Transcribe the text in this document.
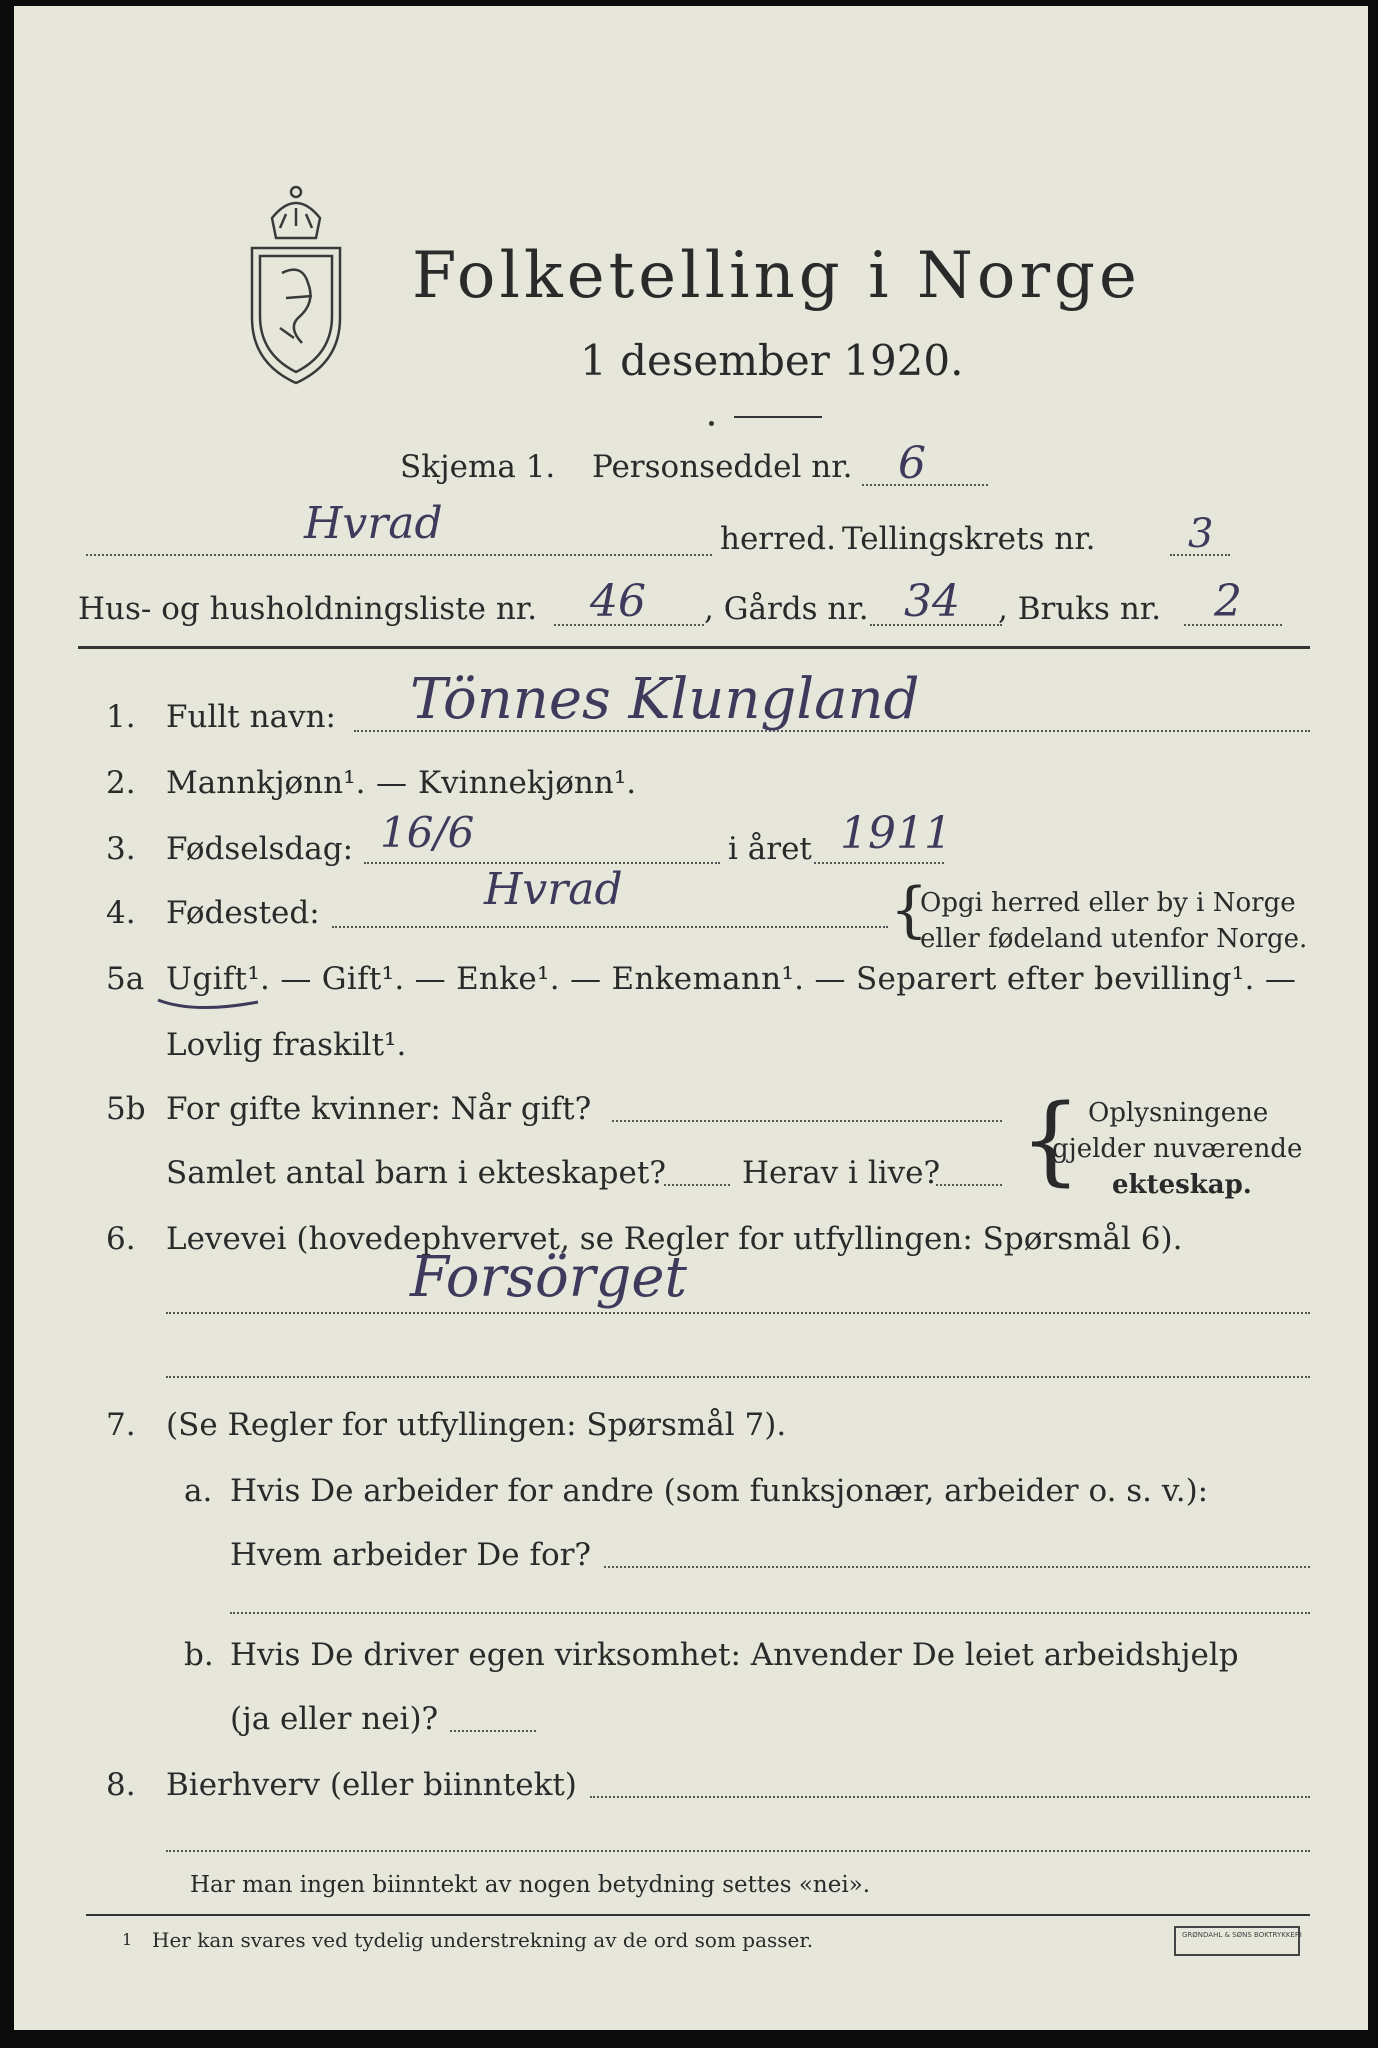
Folketelling i Norge
1 desember 1920.
Skjema 1. Personseddel nr. 6
Hvrad	herred. Tellingskrets nr. 3
Hus- og husholdningsliste nr. 46 , Gårds nr. 34 , Bruks nr. 2
1. Fullt navn: Tönnes Klungland
2. Mannkjønn¹. — Kvinnekjønn¹.
3. Fødselsdag: 16/6	i året 1911
4. Fødested:	Hvrad	{
Opgi herred eller by i Norge
eller fødeland utenfor Norge.
5a Ugift¹. — Gift¹. — Enke¹. — Enkemann¹. — Separert efter bevilling¹. —
Lovlig fraskilt¹.
5b For gifte kvinner: Når gift?
Samlet antal barn i ekteskapet? Herav i live? { Oplysningene
gjelder nuværende
ekteskap.
6. Levevei (hovedерhvervet, se Regler for utfyllingen: Spørsmål 6).
Forsörget
7. (Se Regler for utfyllingen: Spørsmål 7).
a. Hvis De arbeider for andre (som funksjonær, arbeider o. s. v.):
Hvem arbeider De for?
b. Hvis De driver egen virksomhet: Anvender De leiet arbeidshjelp
(ja eller nei)?
8. Bierhverv (eller biinntekt)
Har man ingen biinntekt av nogen betydning settes «nei».
1 Her kan svares ved tydelig understrekning av de ord som passer.	GRØNDAHL & SØNS BOKTRYKKERI
